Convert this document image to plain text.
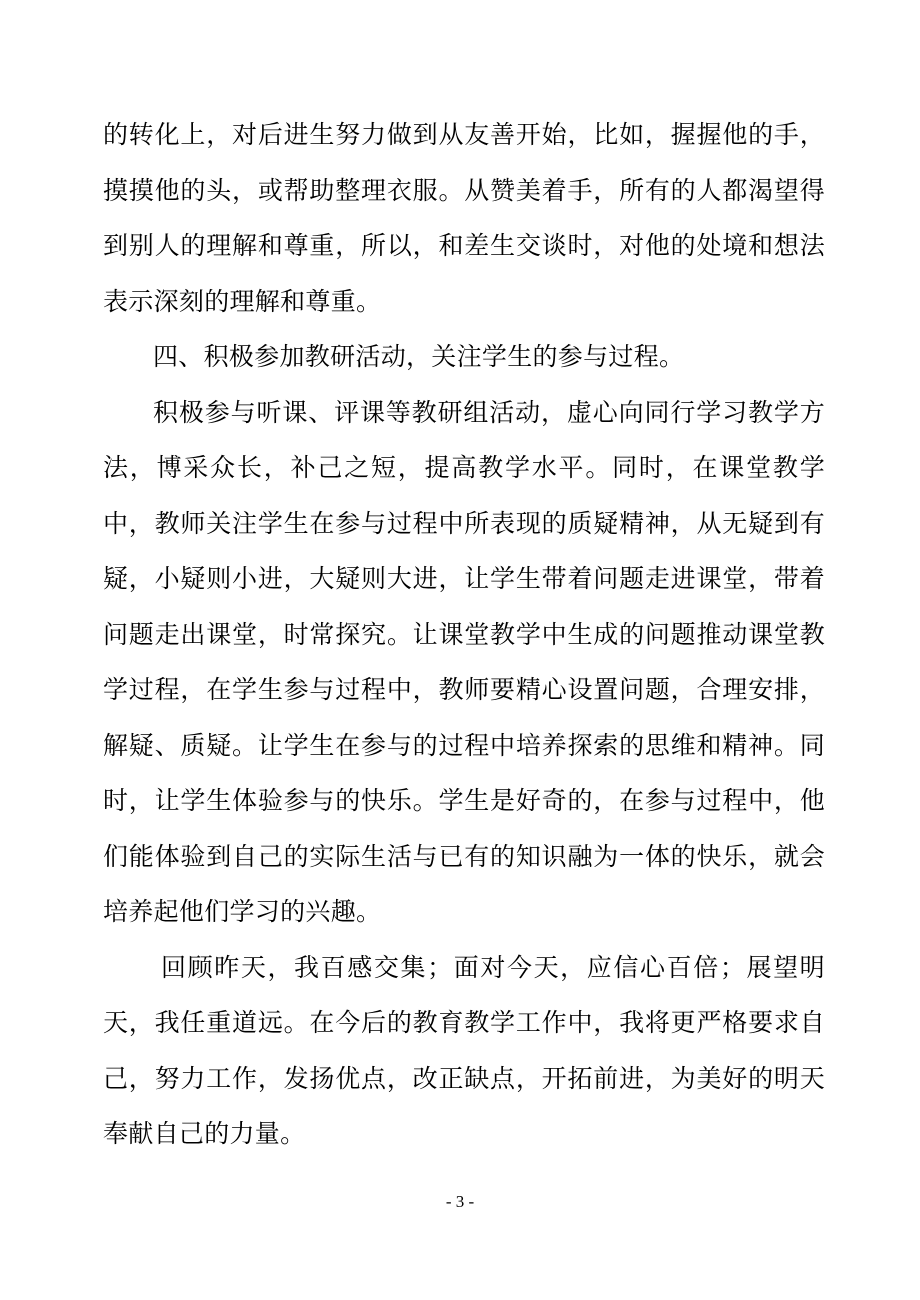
的转化上，对后进生努力做到从友善开始，比如，握握他的手，摸摸他的头，或帮助整理衣服。从赞美着手，所有的人都渴望得到别人的理解和尊重，所以，和差生交谈时，对他的处境和想法表示深刻的理解和尊重。

四、积极参加教研活动，关注学生的参与过程。

积极参与听课、评课等教研组活动，虚心向同行学习教学方法，博采众长，补己之短，提高教学水平。同时，在课堂教学中，教师关注学生在参与过程中所表现的质疑精神，从无疑到有疑，小疑则小进，大疑则大进，让学生带着问题走进课堂，带着问题走出课堂，时常探究。让课堂教学中生成的问题推动课堂教学过程，在学生参与过程中，教师要精心设置问题，合理安排，解疑、质疑。让学生在参与的过程中培养探索的思维和精神。同时，让学生体验参与的快乐。学生是好奇的，在参与过程中，他们能体验到自己的实际生活与已有的知识融为一体的快乐，就会培养起他们学习的兴趣。

回顾昨天，我百感交集；面对今天，应信心百倍；展望明天，我任重道远。在今后的教育教学工作中，我将更严格要求自己，努力工作，发扬优点，改正缺点，开拓前进，为美好的明天奉献自己的力量。

- 3 -
